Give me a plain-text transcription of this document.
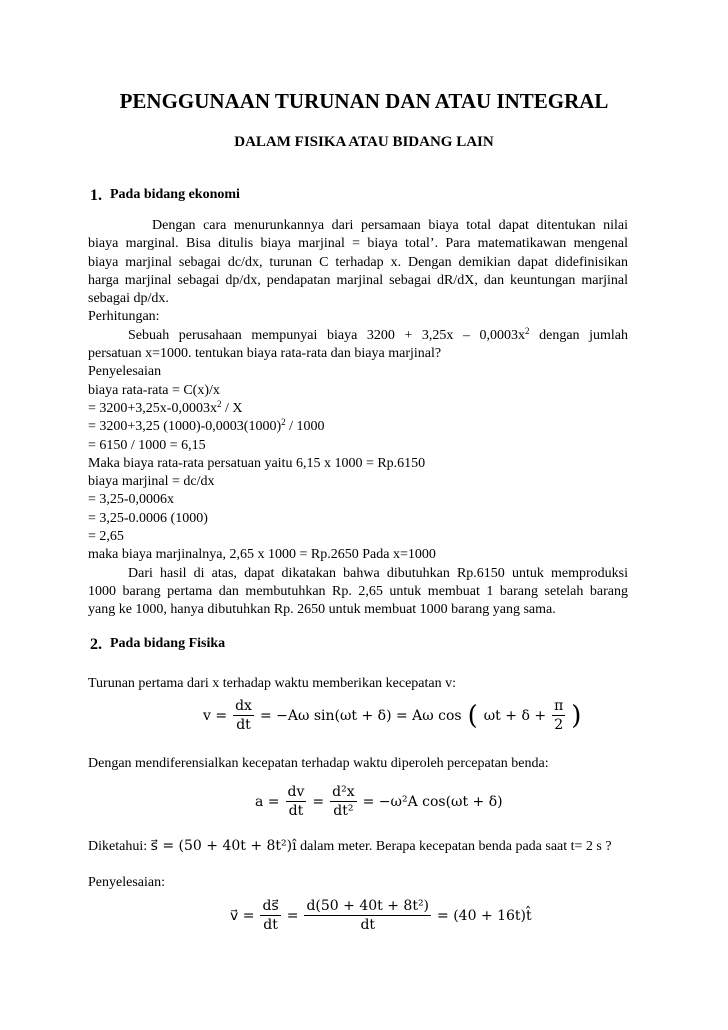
PENGGUNAAN TURUNAN DAN ATAU INTEGRAL
DALAM FISIKA ATAU BIDANG LAIN
1. Pada bidang ekonomi
Dengan cara menurunkannya dari persamaan biaya total dapat ditentukan nilai
biaya marginal. Bisa ditulis biaya marjinal = biaya total’. Para matematikawan mengenal
biaya marjinal sebagai dc/dx, turunan C terhadap x. Dengan demikian dapat didefinisikan
harga marjinal sebagai dp/dx, pendapatan marjinal sebagai dR/dX, dan keuntungan marjinal
sebagai dp/dx.
Perhitungan:
Sebuah perusahaan mempunyai biaya $3200 + 3,25x - 0,0003x^2$ dengan jumlah
persatuan x=1000. tentukan biaya rata-rata dan biaya marjinal?
Penyelesaian
biaya rata-rata = C(x)/x
= $3200+3,25x-0,0003x^2 / X$
= 3200+3,25 $(1000)-0,0003(1000)^2 / 1000$
= 6150 / 1000 = 6,15
Maka biaya rata-rata persatuan yaitu 6,15 x 1000 = Rp.6150
biaya marjinal = dc/dx
= 3,25-0,0006x
= 3,25-0.0006 (1000)
= 2,65
maka biaya marjinalnya, 2,65 x 1000 = Rp.2650 Pada x=1000
Dari hasil di atas, dapat dikatakan bahwa dibutuhkan Rp.6150 untuk memproduksi
1000 barang pertama dan membutuhkan Rp. 2,65 untuk membuat 1 barang setelah barang
yang ke 1000, hanya dibutuhkan Rp. 2650 untuk membuat 1000 barang yang sama.
2. Pada bidang Fisika
Turunan pertama dari x terhadap waktu memberikan kecepatan v:
$v = \frac{dx}{dt} = -A\omega$ sin(ωt + δ) = Aω cos ( $\omega t + \delta + \frac{\pi}{2}$ )
Dengan mendiferensialkan kecepatan terhadap waktu diperoleh percepatan benda:
$a = \frac{dv}{dt} = \frac{\text{d²x}}{\text{dt²}} = -\omega^2A$ cos(ωt + δ)
Diketahui: s⃗ = (50 + 40t + 8t²)î dalam meter. Berapa kecepatan benda pada saat t= 2 s ?
Penyelesaian:
v⃗ = $\frac{ds⃗}{dt} = \frac{\text{d(50 + 40t + 8t²)}}{dt} = (40$ + 16t)t̂
